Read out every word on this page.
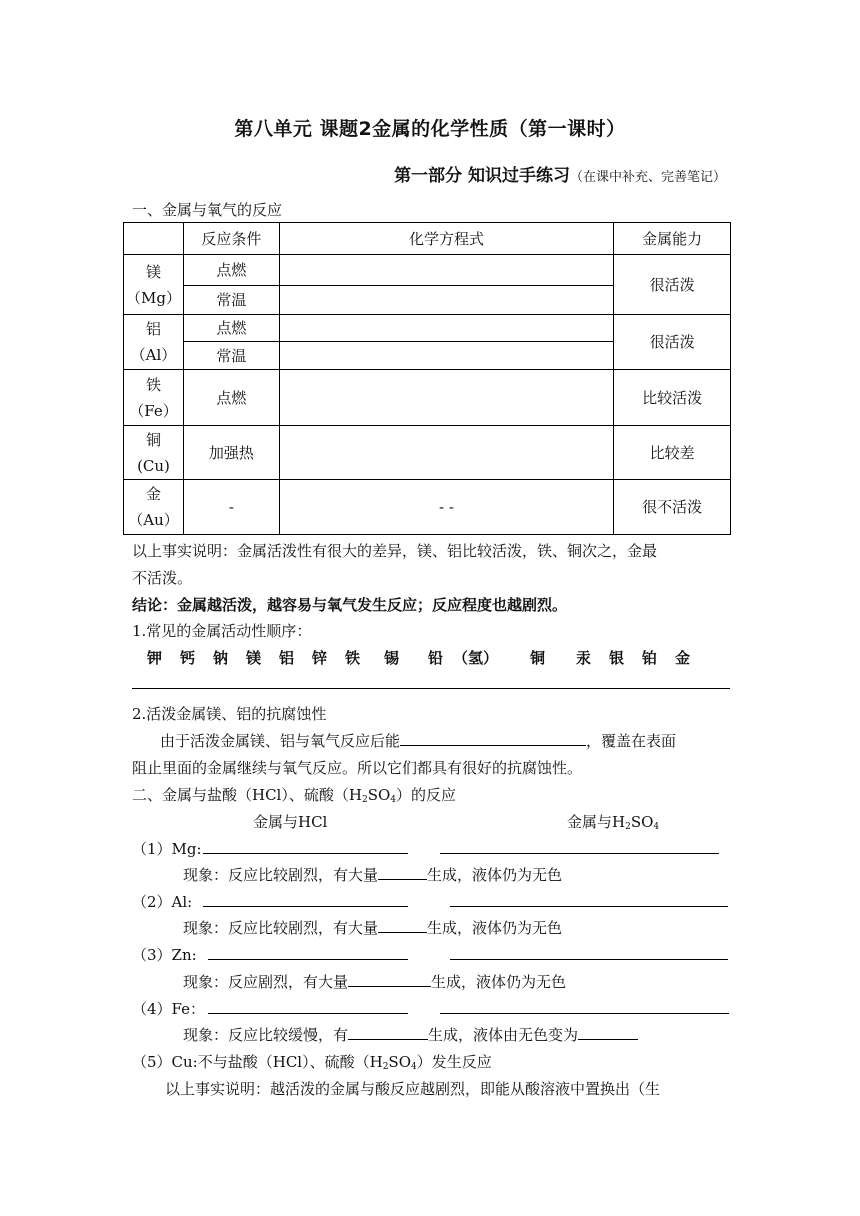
第八单元 课题2金属的化学性质（第一课时）
第一部分 知识过手练习（在课中补充、完善笔记）
一、金属与氧气的反应
	反应条件	化学方程式	金属能力
镁
（Mg）	点燃		很活泼
	常温		
铝
（Al）	点燃		很活泼
	常温		
铁
（Fe）	点燃		比较活泼
铜
(Cu)	加强热		比较差
金
（Au）	-	- -	很不活泼
以上事实说明：金属活泼性有很大的差异，镁、铝比较活泼，铁、铜次之，金最
不活泼。
结论：金属越活泼，越容易与氧气发生反应；反应程度也越剧烈。
1.常见的金属活动性顺序：
钾 钙 钠 镁 铝 锌 铁 锡 铅 （氢） 铜 汞 银 铂 金
2.活泼金属镁、铝的抗腐蚀性
由于活泼金属镁、铝与氧气反应后能	，覆盖在表面
阻止里面的金属继续与氧气反应。所以它们都具有很好的抗腐蚀性。
二、金属与盐酸（HCl）、硫酸$(H_2SO_4)$的反应
金属与HCl	金属与$H_2SO_4$
（1）Mg:
现象：反应比较剧烈，有大量	生成，液体仍为无色
（2）Al:
现象：反应比较剧烈，有大量	生成，液体仍为无色
（3）Zn:
现象：反应剧烈，有大量	生成，液体仍为无色
（4）Fe：
现象：反应比较缓慢，有	生成，液体由无色变为
（5）Cu:不与盐酸（HCl）、硫酸$(H_2SO_4)$发生反应
以上事实说明：越活泼的金属与酸反应越剧烈，即能从酸溶液中置换出（生
